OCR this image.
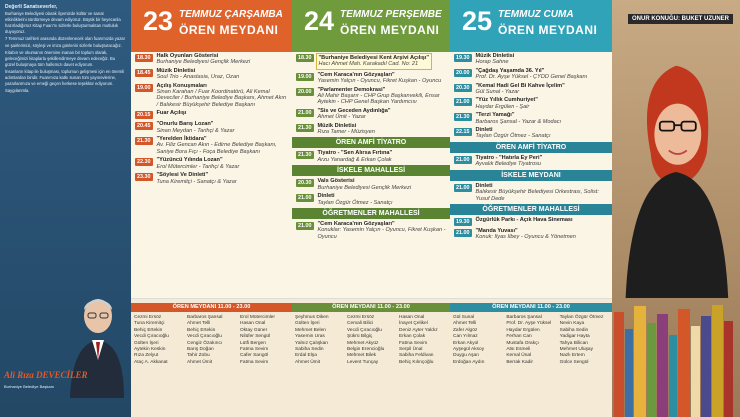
Değerli Sanatseverler,

Burhaniye Belediyesi olarak ilçemizde kültür ve sanat etkinliklerini sürdürmeye devam ediyoruz. Büyük bir heyecanla hazırladığımız Kitap Fuarı'nı sizlerle buluşturmaktan mutluluk duyuyoruz.

7 Temmuz tarihleri arasında düzenlenecek olan fuarımızda yazar ve şairlerimizi, söyleşi ve imza günlerini sizlerle buluşturacağız.

Kitabın ve okumanın önemine inanan bir toplum olarak, geleceğimizi kitaplarla şekillendirmeye devam edeceğiz. Bu güzel buluşmaya tüm halkımızı davet ediyorum.

İnsanların kitap ile buluşması, toplumun gelişmesi için en önemli adımlardan biridir. Fuarımıza katkı sunan tüm yayınevlerine, yazarlarımıza ve emeği geçen herkese teşekkür ediyorum.

Saygılarımla.

Ali Rıza DEVECİLER
Burhaniye Belediye Başkanı
23 TEMMUZ ÇARŞAMBA
ÖREN MEYDANI
18.30	Halk Oyunları Gösterisi
Burhaniye Belediyesi Gençlik Merkezi
18.45	Müzik Dinletisi
Soul Trio - Anastasia, Uraz, Ozan
19.00	Açılış Konuşmaları
Sinan Karahan / Fuar Koordinatörü, Ali Kemal Deveciler / Burhaniye Belediye Başkanı, Ahmet Akın / Balıkesir Büyükşehir Belediye Başkanı
20.15	Fuar Açılışı
20.45	"Onurlu Barış Lozan"
Sinan Meydan - Tarihçi & Yazar
21.30	"Yerelden İktidara"
Av. Filiz Gencan Akın - Edirne Belediye Başkanı, Saniye Bora Fıçı - Foça Belediye Başkanı
22.30	"Yüzüncü Yılında Lozan"
Erol Mütercimler - Tarihçi & Yazar
23.30	"Söylesi Ve Dinleti"
Tuna Kiremitçi - Sanatçı & Yazar
ÖREN MEYDANI 11.00 - 23.00
Cezmi Ersöz
Tuna Kiremitçi
Behiç Ertekin
Vecdi Çıracıoğlu
Gülten İşeri
Aytekin Keskin
Rıza Zelyut
Ataç A. Akkanat
Barbaros Şansal
Ahmet Telli
Behiç Ertekin
Vecdi Çıracıoğlu
Cengiz Özakıncı
Barış Doğan
Tahir Zobu
Ahmet Ümit
Erol Mütercimler
Hasan Onal
Oktay Güner
Nilüfer Sengül
Lütfi Bergen
Fatma Sevim
Cafer Sarıgöl
Fatma Sevim
24 TEMMUZ PERŞEMBE
ÖREN MEYDANI
18.30	"Burhaniye Belediyesi Kent Arşivi Açılışı"
Hacı Ahmet Mah. Karakadıl Cad. No: 21
19.00	"Cem Karaca'nın Gözyaşları"
Yasemin Yalçın - Oyuncu, Fikret Kuşkan - Oyuncu
20.00	"Parlamenter Demokrasi"
Ali Mahir Başarır - CHP Grup Başkanvekili, Ensar Aytekin - CHP Genel Başkan Yardımcısı
21.00	"Sis ve Geceden Aydınlığa"
Ahmet Ümit - Yazar
21.30	Müzik Dinletisi
Rıza Tamer - Müzisyen
ÖREN AMFİ TİYATRO
21.30	Tiyatro - "Sen Alırsa Fırtına"
Arzu Yanardağ & Erkan Çolak
İSKELE MAHALLESİ
20.30	Vals Gösterisi
Burhaniye Belediyesi Gençlik Merkezi
21.00	Dinleti
Taylan Özgür Ötmez - Sanatçı
ÖĞRETMENLER MAHALLESİ
21.00	"Cem Karaca'nın Gözyaşları"
Konuklar: Yasemin Yalçın - Oyuncu, Fikret Kuşkan - Oyuncu
ÖREN MEYDANI 11.00 - 23.00
Şeyhmus Diken
Gülten İşeri
Mehmet Belen
Yasemin Uras
Yalnız Çalışkan
Sabiha Sedin
Erdal Elşa
Ahmet Ümit
Cezmi Ersöz
Cemali Bilici
Vecdi Çıracıoğlu
Şükrü Bilgiç
Mehmet Akyüz
Belgin Erencioğlu
Mehmet Bilek
Levent Tunçay
Hasan Onal
İnayet Çelikel
Deniz Ayter Yaldız
Erkan Çolak
Fatma Sevim
Serpil Ünal
Sabiha Feldivan
Behiç Kılınçoğlu
25 TEMMUZ CUMA
ÖREN MEYDANI
19.30	Müzik Dinletisi
Horap Sahne
20.00	"Çağdaş Yaşamda 36. Yıl"
Prof. Dr. Ayşe Yüksel - ÇYDD Genel Başkanı
20.30	"Kemal Hadi Gel Bi Kahve İçelim"
Gül Sunal - Yazar
21.00	"Yüz Yıllık Cumhuriyet"
Haydar Ergülen - Şair
21.30	"Terzi Yamağı"
Barbaros Şansal - Yazar & Modacı
22.15	Dinleti
Taylan Özgür Ötmez - Sanatçı
ÖREN AMFİ TİYATRO
21.00	Tiyatro - "Hatırla Ey Peri"
Ayvalık Belediye Tiyatrosu
İSKELE MEYDANI
21.00	Dinleti
Balıkesir Büyükşehir Belediyesi Orkestrası, Solist: Yusuf Dede
ÖĞRETMENLER MAHALLESİ
19.30	Özgürlük Parkı - Açık Hava Sineması
21.00	"Manda Yuvası"
Konuk: Ilyas Ilbey - Oyuncu & Yönetmen
ÖREN MEYDANI 11.00 - 23.00
Gül Sunal
Ahmet Telli
Zafer Algöz
Can Yılmaz
Erkan Akyol
Ayşegül Aksoy
Duygu Aşan
Erdoğan Aydın
Barbaros Şansal
Prof. Dr. Ayşe Yüksel
Haydar Ergülen
Ferhan Can
Mustafa Orakçı
Atsı Esmeli
Kemal Ünal
Berrak Kadir
Taylan Özgür Ötmez
Nevin Kaya
Sabiha Sedin
Yadigar Hayta
Tahya Bilican
Mehmet Uluşay
Nazlı Ertem
Gülce Sengül
ONUR KONUĞU: BUKET UZUNER
